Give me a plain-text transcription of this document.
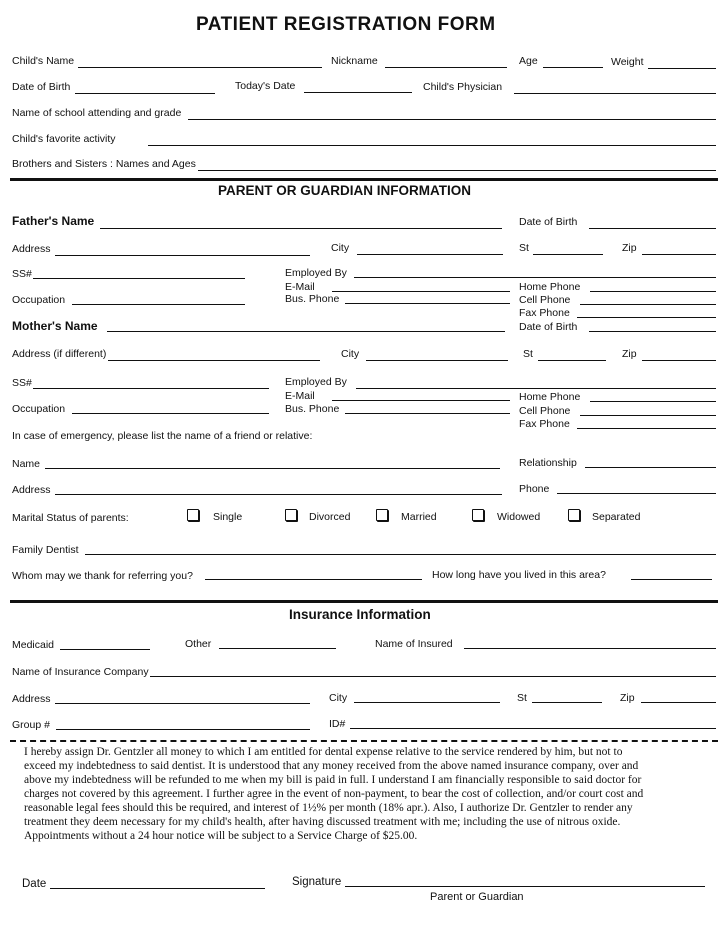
PATIENT REGISTRATION FORM
Child's Name	Nickname	Age	Weight
Date of Birth	Today's Date	Child's Physician
Name of school attending and grade
Child's favorite activity
Brothers and Sisters : Names and Ages
PARENT OR GUARDIAN INFORMATION
Father's Name	Date of Birth
Address	City	St	Zip
SS#	Employed By
E-Mail	Home Phone
Occupation	Bus. Phone	Cell Phone
Fax Phone
Mother's Name	Date of Birth
Address (if different)	City	St	Zip
SS#	Employed By
E-Mail	Home Phone
Occupation	Bus. Phone	Cell Phone
Fax Phone
In case of emergency, please list the name of a friend or relative:
Name	Relationship
Address	Phone
Marital Status of parents:	Single	Divorced	Married	Widowed	Separated
Family Dentist
Whom may we thank for referring you?	How long have you lived in this area?
Insurance Information
Medicaid	Other	Name of Insured
Name of Insurance Company
Address	City	St	Zip
Group #	ID#
I hereby assign Dr. Gentzler all money to which I am entitled for dental expense relative to the service rendered by him, but not to
exceed my indebtedness to said dentist. It is understood that any money received from the above named insurance company, over and
above my indebtedness will be refunded to me when my bill is paid in full. I understand I am financially responsible to said doctor for
charges not covered by this agreement. I further agree in the event of non-payment, to bear the cost of collection, and/or court cost and
reasonable legal fees should this be required, and interest of 1½% per month (18% apr.). Also, I authorize Dr. Gentzler to render any
treatment they deem necessary for my child's health, after having discussed treatment with me; including the use of nitrous oxide.
Appointments without a 24 hour notice will be subject to a Service Charge of $25.00.
Date	Signature
Parent or Guardian
